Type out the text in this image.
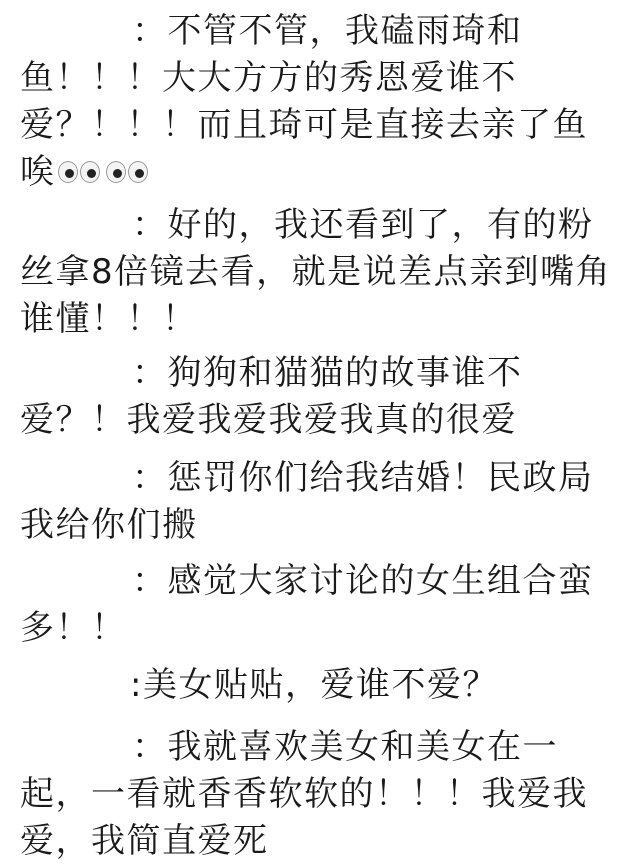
：不管不管，我磕雨琦和鱼！！！大大方方的秀恩爱谁不爱？！！！而且琦可是直接去亲了鱼唉
：好的，我还看到了，有的粉丝拿8倍镜去看，就是说差点亲到嘴角谁懂！！！
：狗狗和猫猫的故事谁不爱？！我爱我爱我爱我真的很爱
：惩罚你们给我结婚！民政局我给你们搬
：感觉大家讨论的女生组合蛮多！！
:美女贴贴，爱谁不爱？
：我就喜欢美女和美女在一起，一看就香香软软的！！！我爱我爱，我简直爱死
